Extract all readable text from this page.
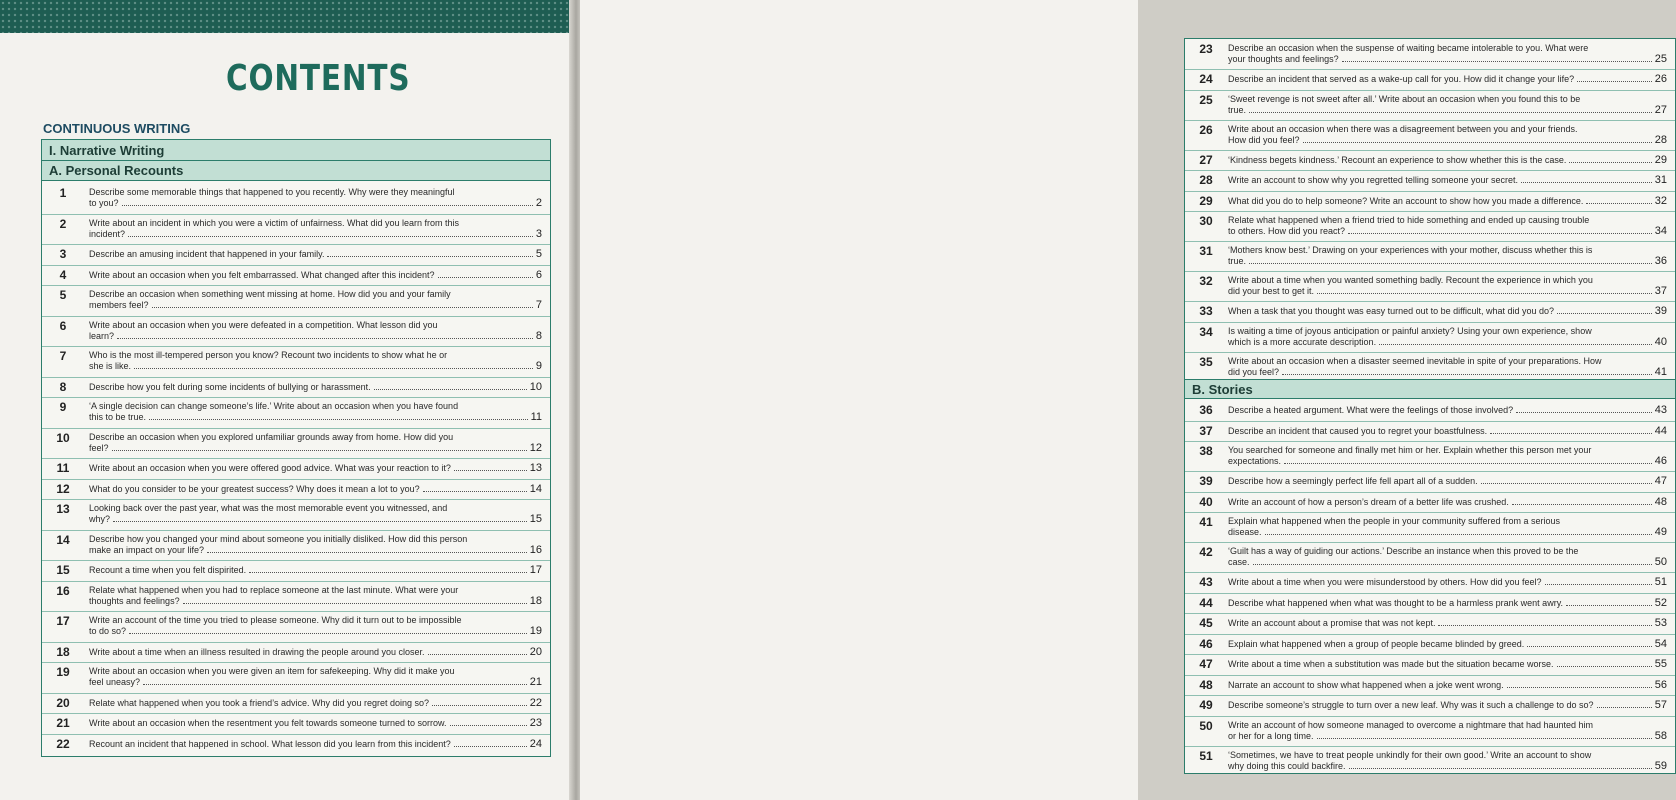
CONTENTS
CONTINUOUS WRITING
I. Narrative Writing
A. Personal Recounts
1	Describe some memorable things that happened to you recently. Why were they meaningful
to you?	2
2	Write about an incident in which you were a victim of unfairness. What did you learn from this
incident?	3
3	Describe an amusing incident that happened in your family.	5
4	Write about an occasion when you felt embarrassed. What changed after this incident?	6
5	Describe an occasion when something went missing at home. How did you and your family
members feel?	7
6	Write about an occasion when you were defeated in a competition. What lesson did you
learn?	8
7	Who is the most ill-tempered person you know? Recount two incidents to show what he or
she is like.	9
8	Describe how you felt during some incidents of bullying or harassment.	10
9	‘A single decision can change someone’s life.’ Write about an occasion when you have found
this to be true.	11
10	Describe an occasion when you explored unfamiliar grounds away from home. How did you
feel?	12
11	Write about an occasion when you were offered good advice. What was your reaction to it?	13
12	What do you consider to be your greatest success? Why does it mean a lot to you?	14
13	Looking back over the past year, what was the most memorable event you witnessed, and
why?	15
14	Describe how you changed your mind about someone you initially disliked. How did this person
make an impact on your life?	16
15	Recount a time when you felt dispirited.	17
16	Relate what happened when you had to replace someone at the last minute. What were your
thoughts and feelings?	18
17	Write an account of the time you tried to please someone. Why did it turn out to be impossible
to do so?	19
18	Write about a time when an illness resulted in drawing the people around you closer.	20
19	Write about an occasion when you were given an item for safekeeping. Why did it make you
feel uneasy?	21
20	Relate what happened when you took a friend’s advice. Why did you regret doing so?	22
21	Write about an occasion when the resentment you felt towards someone turned to sorrow.	23
22	Recount an incident that happened in school. What lesson did you learn from this incident?	24
23	Describe an occasion when the suspense of waiting became intolerable to you. What were
your thoughts and feelings?	25
24	Describe an incident that served as a wake-up call for you. How did it change your life?	26
25	‘Sweet revenge is not sweet after all.’ Write about an occasion when you found this to be
true.	27
26	Write about an occasion when there was a disagreement between you and your friends.
How did you feel?	28
27	‘Kindness begets kindness.’ Recount an experience to show whether this is the case.	29
28	Write an account to show why you regretted telling someone your secret.	31
29	What did you do to help someone? Write an account to show how you made a difference.	32
30	Relate what happened when a friend tried to hide something and ended up causing trouble
to others. How did you react?	34
31	‘Mothers know best.’ Drawing on your experiences with your mother, discuss whether this is
true.	36
32	Write about a time when you wanted something badly. Recount the experience in which you
did your best to get it.	37
33	When a task that you thought was easy turned out to be difficult, what did you do?	39
34	Is waiting a time of joyous anticipation or painful anxiety? Using your own experience, show
which is a more accurate description.	40
35	Write about an occasion when a disaster seemed inevitable in spite of your preparations. How
did you feel?	41
B. Stories
36	Describe a heated argument. What were the feelings of those involved?	43
37	Describe an incident that caused you to regret your boastfulness.	44
38	You searched for someone and finally met him or her. Explain whether this person met your
expectations.	46
39	Describe how a seemingly perfect life fell apart all of a sudden.	47
40	Write an account of how a person’s dream of a better life was crushed.	48
41	Explain what happened when the people in your community suffered from a serious
disease.	49
42	‘Guilt has a way of guiding our actions.’ Describe an instance when this proved to be the
case.	50
43	Write about a time when you were misunderstood by others. How did you feel?	51
44	Describe what happened when what was thought to be a harmless prank went awry.	52
45	Write an account about a promise that was not kept.	53
46	Explain what happened when a group of people became blinded by greed.	54
47	Write about a time when a substitution was made but the situation became worse.	55
48	Narrate an account to show what happened when a joke went wrong.	56
49	Describe someone’s struggle to turn over a new leaf. Why was it such a challenge to do so?	57
50	Write an account of how someone managed to overcome a nightmare that had haunted him
or her for a long time.	58
51	‘Sometimes, we have to treat people unkindly for their own good.’ Write an account to show
why doing this could backfire.	59
